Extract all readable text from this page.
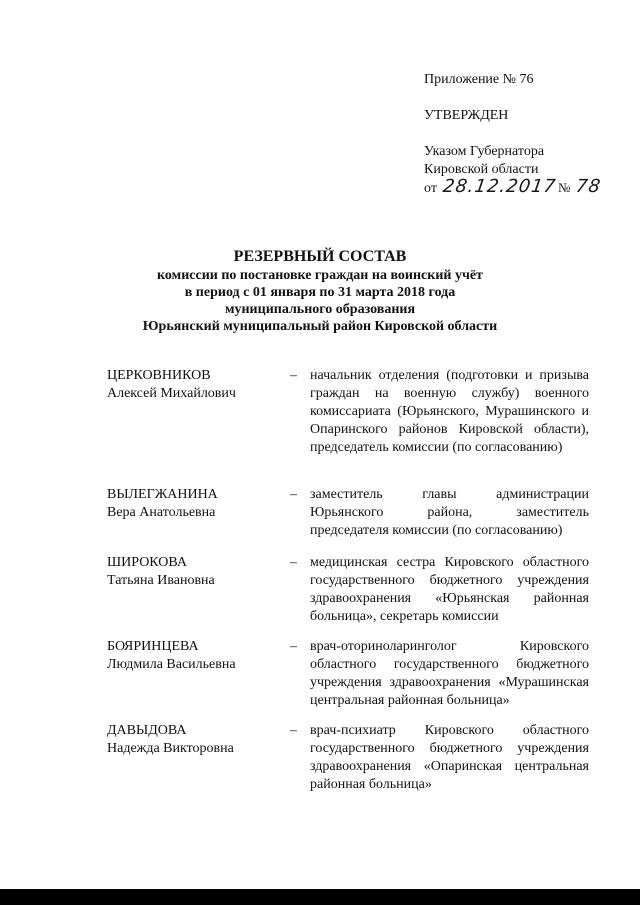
Приложение № 76
УТВЕРЖДЕН
Указом Губернатора
Кировской области
от 28.12.2017 № 78
РЕЗЕРВНЫЙ СОСТАВ
комиссии по постановке граждан на воинский учёт
в период с 01 января по 31 марта 2018 года
муниципального образования
Юрьянский муниципальный район Кировской области
ЦЕРКОВНИКОВ
Алексей Михайлович
– начальник отделения (подготовки и призыва граждан на военную службу) военного комиссариата (Юрьянского, Мурашинского и Опаринского районов Кировской области), председатель комиссии (по согласованию)
ВЫЛЕГЖАНИНА
Вера Анатольевна
– заместитель главы администрации Юрьянского района, заместитель председателя комиссии (по согласованию)
ШИРОКОВА
Татьяна Ивановна
– медицинская сестра Кировского областного государственного бюджетного учреждения здравоохранения «Юрьянская районная больница», секретарь комиссии
БОЯРИНЦЕВА
Людмила Васильевна
– врач-оториноларинголог Кировского областного государственного бюджетного учреждения здравоохранения «Мурашинская центральная районная больница»
ДАВЫДОВА
Надежда Викторовна
– врач-психиатр Кировского областного государственного бюджетного учреждения здравоохранения «Опаринская центральная районная больница»
